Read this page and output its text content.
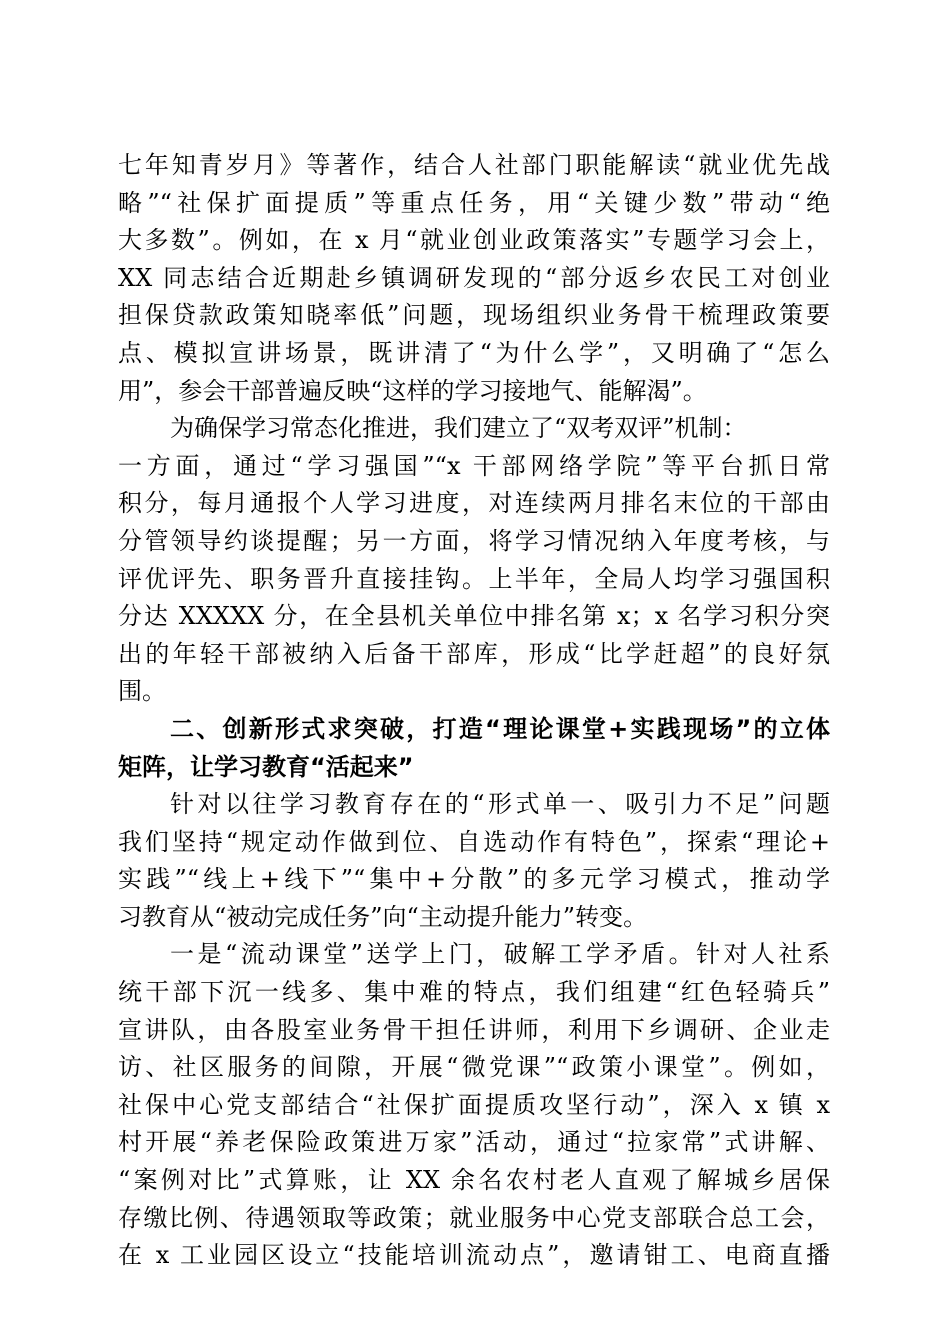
七年知青岁月》等著作，结合人社部门职能解读“就业优先战
略”“社保扩面提质”等重点任务，用“关键少数”带动“绝
大多数”。例如，在 x 月“就业创业政策落实”专题学习会上，
XX 同志结合近期赴乡镇调研发现的“部分返乡农民工对创业
担保贷款政策知晓率低”问题，现场组织业务骨干梳理政策要
点、模拟宣讲场景，既讲清了“为什么学”，又明确了“怎么
用”，参会干部普遍反映“这样的学习接地气、能解渴”。
为确保学习常态化推进，我们建立了“双考双评”机制：
一方面，通过“学习强国”“x 干部网络学院”等平台抓日常
积分，每月通报个人学习进度，对连续两月排名末位的干部由
分管领导约谈提醒；另一方面，将学习情况纳入年度考核，与
评优评先、职务晋升直接挂钩。上半年，全局人均学习强国积
分达 XXXXX 分，在全县机关单位中排名第 x；x 名学习积分突
出的年轻干部被纳入后备干部库，形成“比学赶超”的良好氛
围。
二、创新形式求突破，打造“理论课堂+实践现场”的立体
矩阵，让学习教育“活起来”
针对以往学习教育存在的“形式单一、吸引力不足”问题
我们坚持“规定动作做到位、自选动作有特色”，探索“理论+
实践”“线上+线下”“集中+分散”的多元学习模式，推动学
习教育从“被动完成任务”向“主动提升能力”转变。
一是“流动课堂”送学上门，破解工学矛盾。针对人社系
统干部下沉一线多、集中难的特点，我们组建“红色轻骑兵”
宣讲队，由各股室业务骨干担任讲师，利用下乡调研、企业走
访、社区服务的间隙，开展“微党课”“政策小课堂”。例如，
社保中心党支部结合“社保扩面提质攻坚行动”，深入 x 镇 x
村开展“养老保险政策进万家”活动，通过“拉家常”式讲解、
“案例对比”式算账，让 XX 余名农村老人直观了解城乡居保
存缴比例、待遇领取等政策；就业服务中心党支部联合总工会，
在 x 工业园区设立“技能培训流动点”，邀请钳工、电商直播
